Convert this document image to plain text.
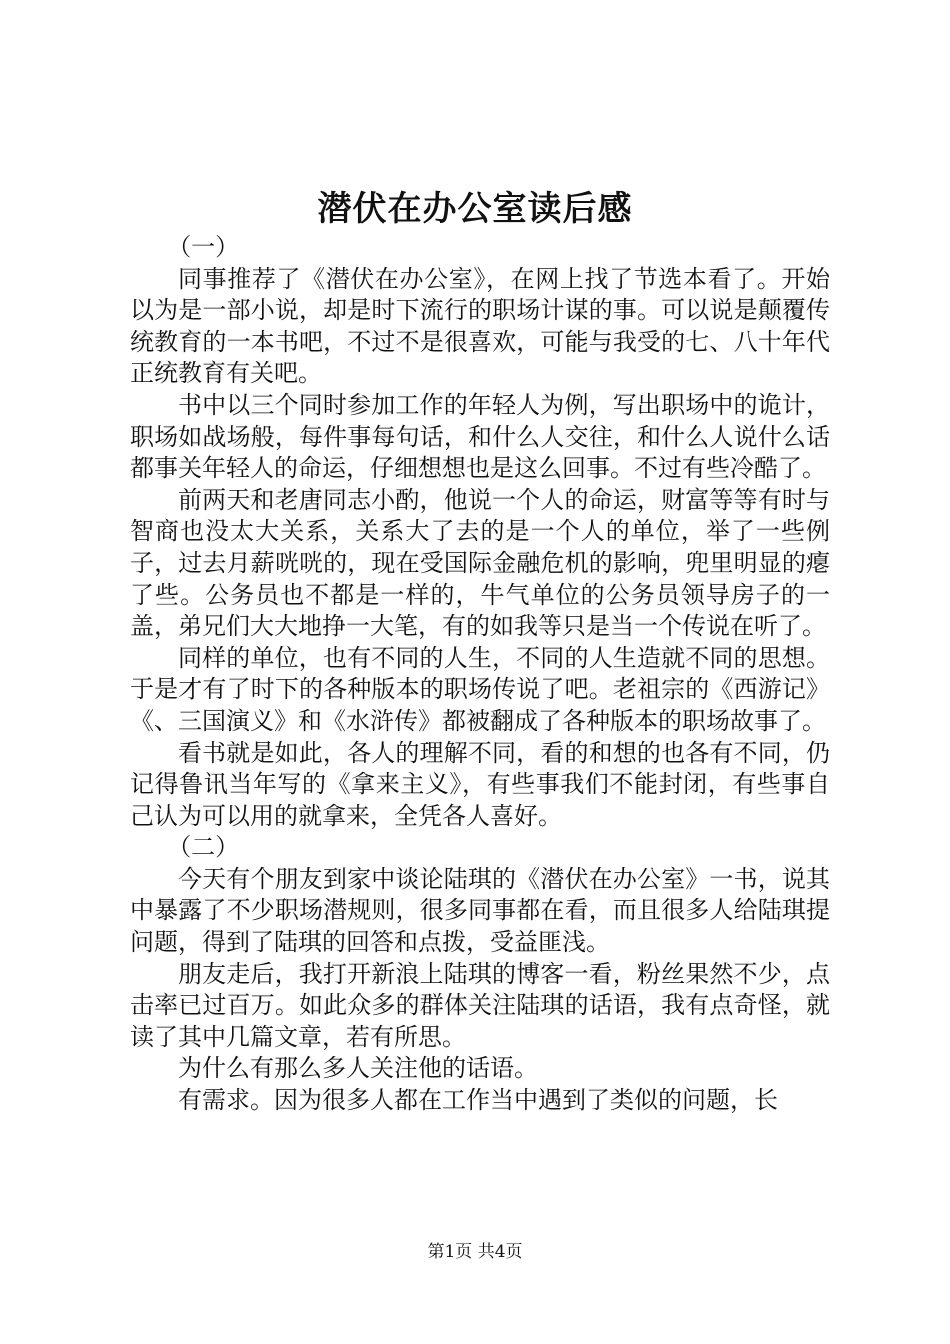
潜伏在办公室读后感

（一）

同事推荐了《潜伏在办公室》，在网上找了节选本看了。开始以为是一部小说，却是时下流行的职场计谋的事。可以说是颠覆传统教育的一本书吧，不过不是很喜欢，可能与我受的七、八十年代正统教育有关吧。

书中以三个同时参加工作的年轻人为例，写出职场中的诡计，职场如战场般，每件事每句话，和什么人交往，和什么人说什么话都事关年轻人的命运，仔细想想也是这么回事。不过有些冷酷了。

前两天和老唐同志小酌，他说一个人的命运，财富等等有时与智商也没太大关系，关系大了去的是一个人的单位，举了一些例子，过去月薪咣咣的，现在受国际金融危机的影响，兜里明显的瘪了些。公务员也不都是一样的，牛气单位的公务员领导房子的一盖，弟兄们大大地挣一大笔，有的如我等只是当一个传说在听了。

同样的单位，也有不同的人生，不同的人生造就不同的思想。于是才有了时下的各种版本的职场传说了吧。老祖宗的《西游记》《、三国演义》和《水浒传》都被翻成了各种版本的职场故事了。

看书就是如此，各人的理解不同，看的和想的也各有不同，仍记得鲁讯当年写的《拿来主义》，有些事我们不能封闭，有些事自己认为可以用的就拿来，全凭各人喜好。

（二）

今天有个朋友到家中谈论陆琪的《潜伏在办公室》一书，说其中暴露了不少职场潜规则，很多同事都在看，而且很多人给陆琪提问题，得到了陆琪的回答和点拨，受益匪浅。

朋友走后，我打开新浪上陆琪的博客一看，粉丝果然不少，点击率已过百万。如此众多的群体关注陆琪的话语，我有点奇怪，就读了其中几篇文章，若有所思。

为什么有那么多人关注他的话语。

有需求。因为很多人都在工作当中遇到了类似的问题，长

第1页 共4页
